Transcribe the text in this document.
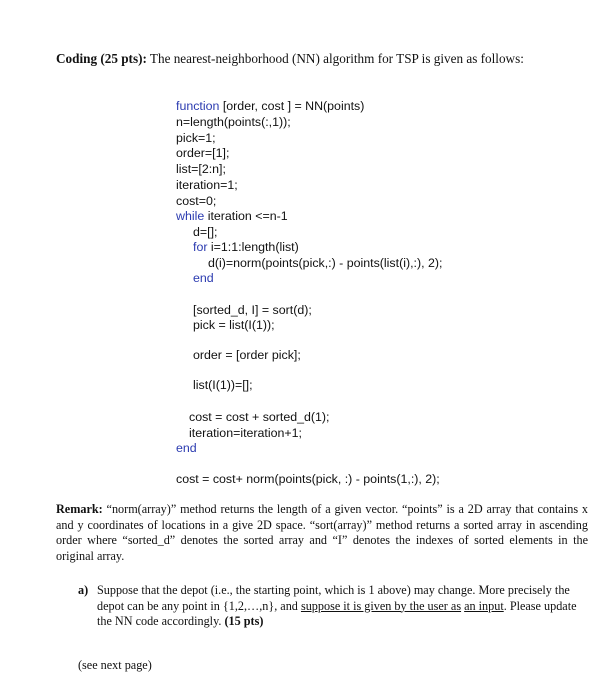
Coding (25 pts): The nearest-neighborhood (NN) algorithm for TSP is given as follows:
function [order, cost ] = NN(points)
n=length(points(:,1));
pick=1;
order=[1];
list=[2:n];
iteration=1;
cost=0;
while iteration <=n-1
d=[];
for i=1:1:length(list)
d(i)=norm(points(pick,:) - points(list(i),:), 2);
end
[sorted_d, I] = sort(d);
pick = list(I(1));
order = [order pick];
list(I(1))=[];
cost = cost + sorted_d(1);
iteration=iteration+1;
end
cost = cost+ norm(points(pick, :) - points(1,:), 2);
Remark: “norm(array)” method returns the length of a given vector. “points” is a 2D array that contains x and y coordinates of locations in a give 2D space. “sort(array)” method returns a sorted array in ascending order where “sorted_d” denotes the sorted array and “I” denotes the indexes of sorted elements in the original array.
a) Suppose that the depot (i.e., the starting point, which is 1 above) may change. More precisely the depot can be any point in {1,2,…,n}, and suppose it is given by the user as an input. Please update the NN code accordingly. (15 pts)
(see next page)
